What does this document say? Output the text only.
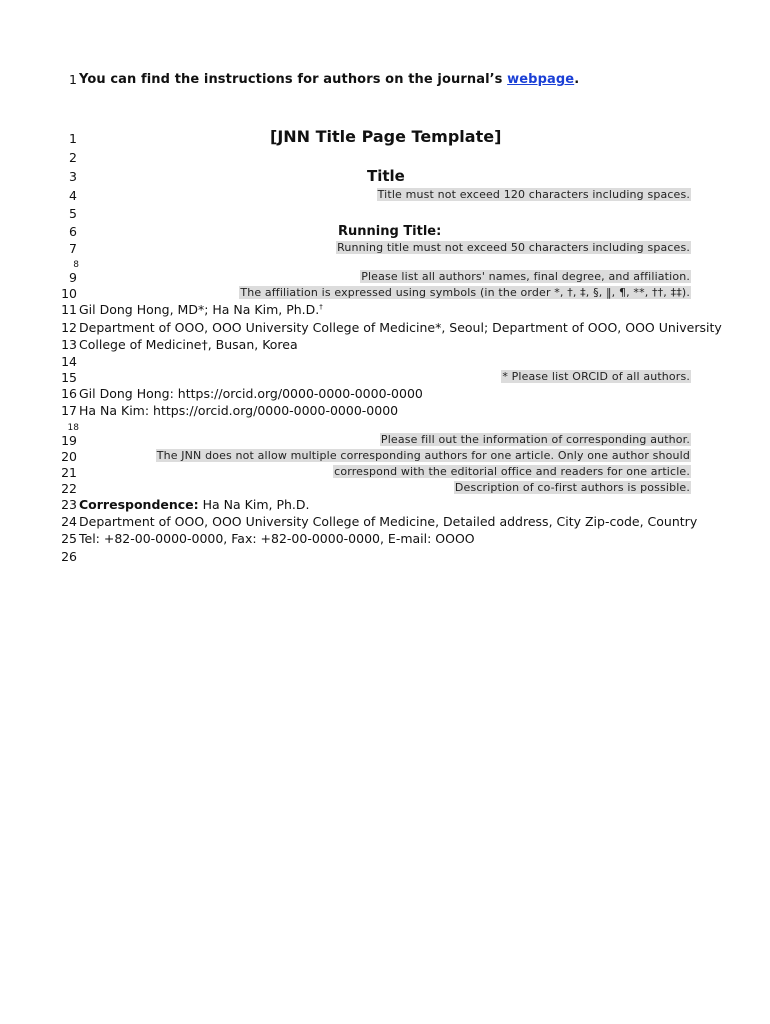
1 You can find the instructions for authors on the journal’s webpage.
1	[JNN Title Page Template]
2
3	Title
4	Title must not exceed 120 characters including spaces.
5
6	Running Title:
7	Running title must not exceed 50 characters including spaces.
8
9	Please list all authors' names, final degree, and affiliation.
10	The affiliation is expressed using symbols (in the order *, †, ‡, §, ‖, ¶, **, ††, ‡‡).
11 Gil Dong Hong, MD*; Ha Na Kim, Ph.D.†
12 Department of OOO, OOO University College of Medicine*, Seoul; Department of OOO, OOO University
13 College of Medicine†, Busan, Korea
14
15	* Please list ORCID of all authors.
16 Gil Dong Hong: https://orcid.org/0000-0000-0000-0000
17 Ha Na Kim: https://orcid.org/0000-0000-0000-0000
18
19	Please fill out the information of corresponding author.
20	The JNN does not allow multiple corresponding authors for one article. Only one author should
21	correspond with the editorial office and readers for one article.
22	Description of co-first authors is possible.
23 Correspondence: Ha Na Kim, Ph.D.
24 Department of OOO, OOO University College of Medicine, Detailed address, City Zip-code, Country
25 Tel: +82-00-0000-0000, Fax: +82-00-0000-0000, E-mail: OOOO
26
